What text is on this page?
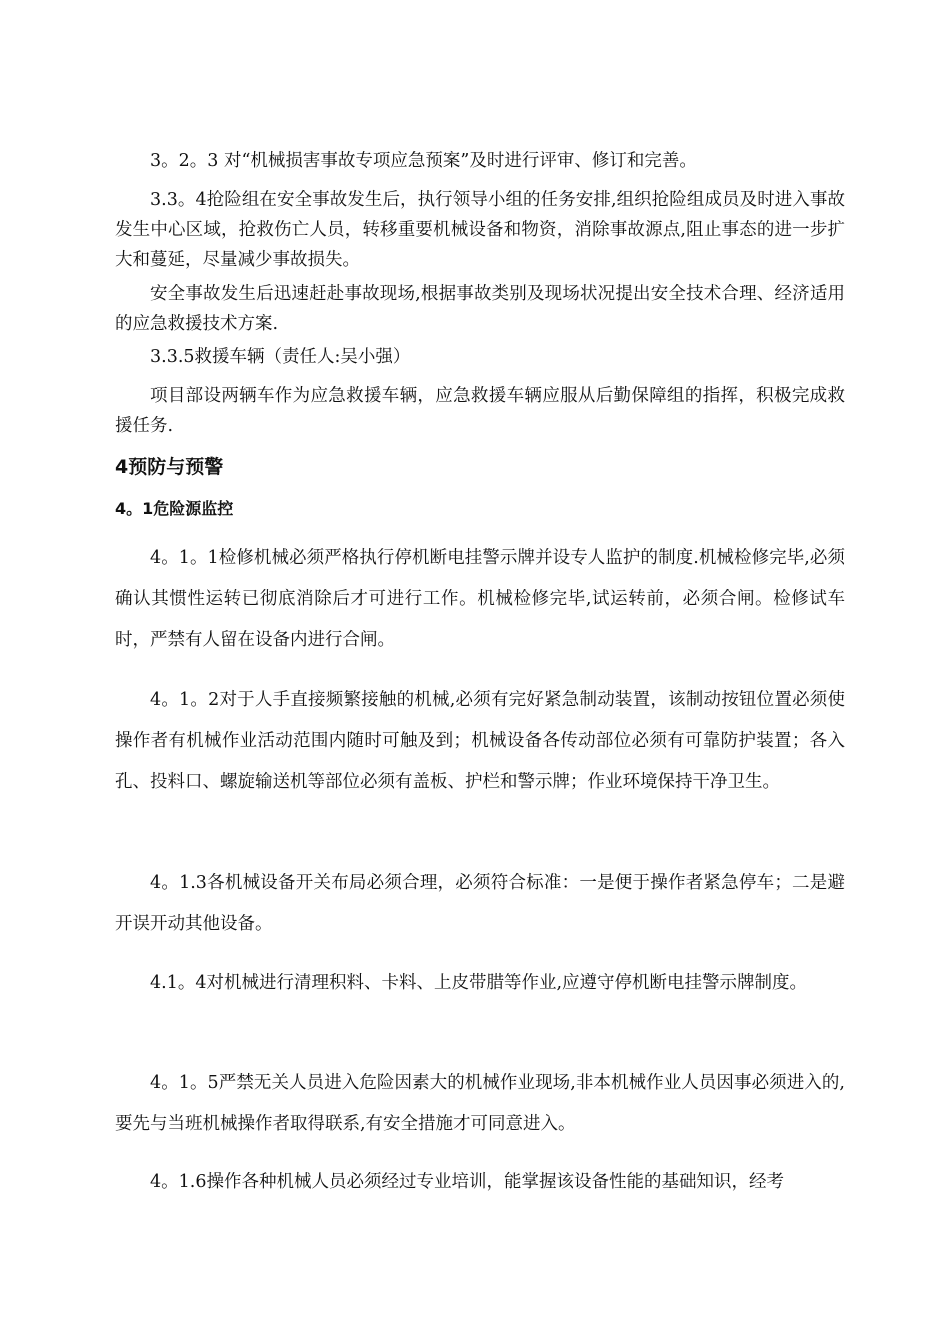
3。2。3 对“机械损害事故专项应急预案”及时进行评审、修订和完善。

3.3。4抢险组在安全事故发生后，执行领导小组的任务安排,组织抢险组成员及时进入事故发生中心区域，抢救伤亡人员，转移重要机械设备和物资，消除事故源点,阻止事态的进一步扩大和蔓延，尽量减少事故损失。

安全事故发生后迅速赶赴事故现场,根据事故类别及现场状况提出安全技术合理、经济适用的应急救援技术方案.

3.3.5救援车辆（责任人:吴小强）

项目部设两辆车作为应急救援车辆，应急救援车辆应服从后勤保障组的指挥，积极完成救援任务.

4预防与预警
4。1危险源监控

4。1。1检修机械必须严格执行停机断电挂警示牌并设专人监护的制度.机械检修完毕,必须确认其惯性运转已彻底消除后才可进行工作。机械检修完毕,试运转前，必须合闸。检修试车时，严禁有人留在设备内进行合闸。

4。1。2对于人手直接频繁接触的机械,必须有完好紧急制动装置，该制动按钮位置必须使操作者有机械作业活动范围内随时可触及到；机械设备各传动部位必须有可靠防护装置；各入孔、投料口、螺旋输送机等部位必须有盖板、护栏和警示牌；作业环境保持干净卫生。

4。1.3各机械设备开关布局必须合理，必须符合标准：一是便于操作者紧急停车；二是避开误开动其他设备。

4.1。4对机械进行清理积料、卡料、上皮带腊等作业,应遵守停机断电挂警示牌制度。

4。1。5严禁无关人员进入危险因素大的机械作业现场,非本机械作业人员因事必须进入的,要先与当班机械操作者取得联系,有安全措施才可同意进入。

4。1.6操作各种机械人员必须经过专业培训，能掌握该设备性能的基础知识，经考
